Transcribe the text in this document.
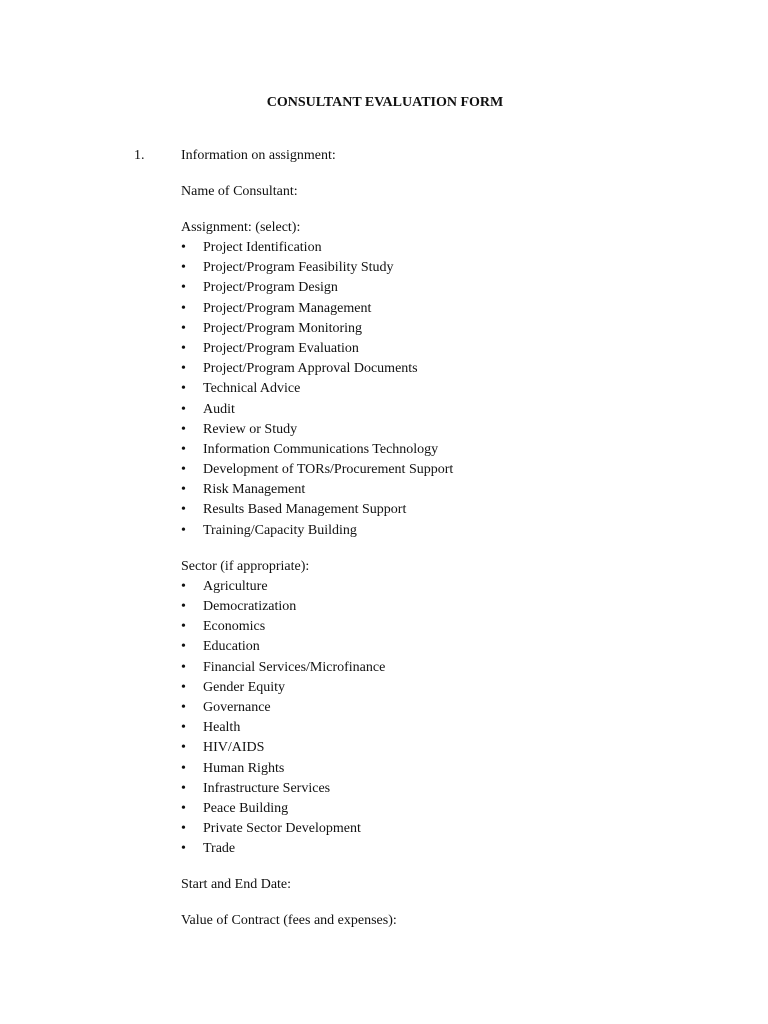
CONSULTANT EVALUATION FORM
1.	Information on assignment:
Name of Consultant:
Assignment: (select):
•	Project Identification
•	Project/Program Feasibility Study
•	Project/Program Design
•	Project/Program Management
•	Project/Program Monitoring
•	Project/Program Evaluation
•	Project/Program Approval Documents
•	Technical Advice
•	Audit
•	Review or Study
•	Information Communications Technology
•	Development of TORs/Procurement Support
•	Risk Management
•	Results Based Management Support
•	Training/Capacity Building
Sector (if appropriate):
•	Agriculture
•	Democratization
•	Economics
•	Education
•	Financial Services/Microfinance
•	Gender Equity
•	Governance
•	Health
•	HIV/AIDS
•	Human Rights
•	Infrastructure Services
•	Peace Building
•	Private Sector Development
•	Trade
Start and End Date:
Value of Contract (fees and expenses):
